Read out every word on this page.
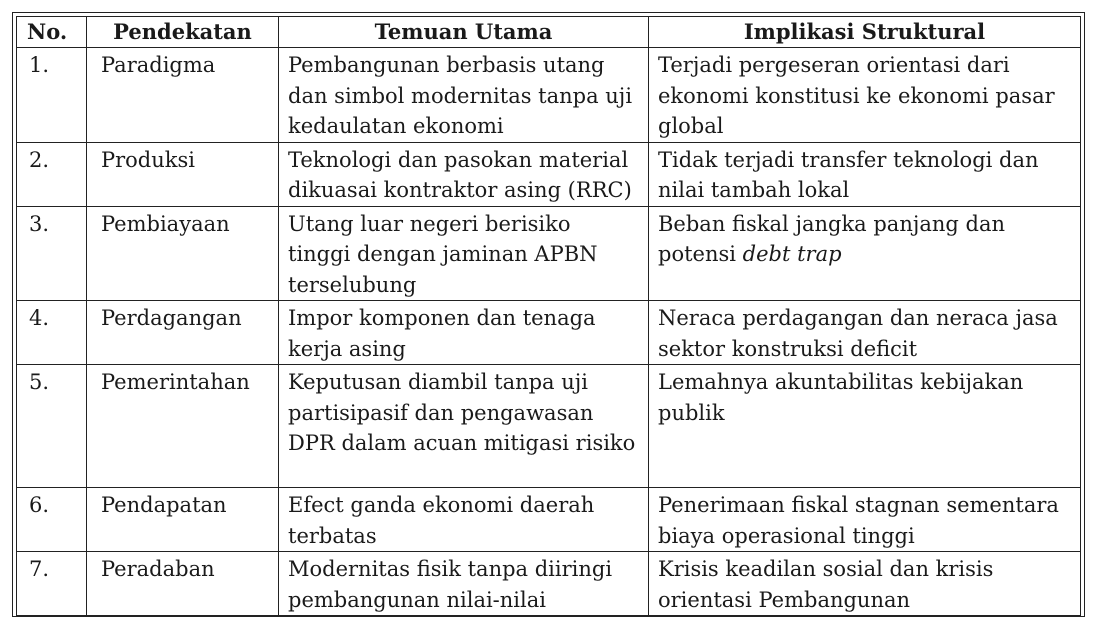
No.	Pendekatan	Temuan Utama	Implikasi Struktural
1.	Paradigma	Pembangunan berbasis utang dan simbol modernitas tanpa uji kedaulatan ekonomi	Terjadi pergeseran orientasi dari ekonomi konstitusi ke ekonomi pasar global
2.	Produksi	Teknologi dan pasokan material dikuasai kontraktor asing (RRC)	Tidak terjadi transfer teknologi dan nilai tambah lokal
3.	Pembiayaan	Utang luar negeri berisiko tinggi dengan jaminan APBN terselubung	Beban fiskal jangka panjang dan potensi debt trap
4.	Perdagangan	Impor komponen dan tenaga kerja asing	Neraca perdagangan dan neraca jasa sektor konstruksi deficit
5.	Pemerintahan	Keputusan diambil tanpa uji partisipasif dan pengawasan DPR dalam acuan mitigasi risiko	Lemahnya akuntabilitas kebijakan publik
6.	Pendapatan	Efect ganda ekonomi daerah terbatas	Penerimaan fiskal stagnan sementara biaya operasional tinggi
7.	Peradaban	Modernitas fisik tanpa diiringi pembangunan nilai-nilai	Krisis keadilan sosial dan krisis orientasi Pembangunan
